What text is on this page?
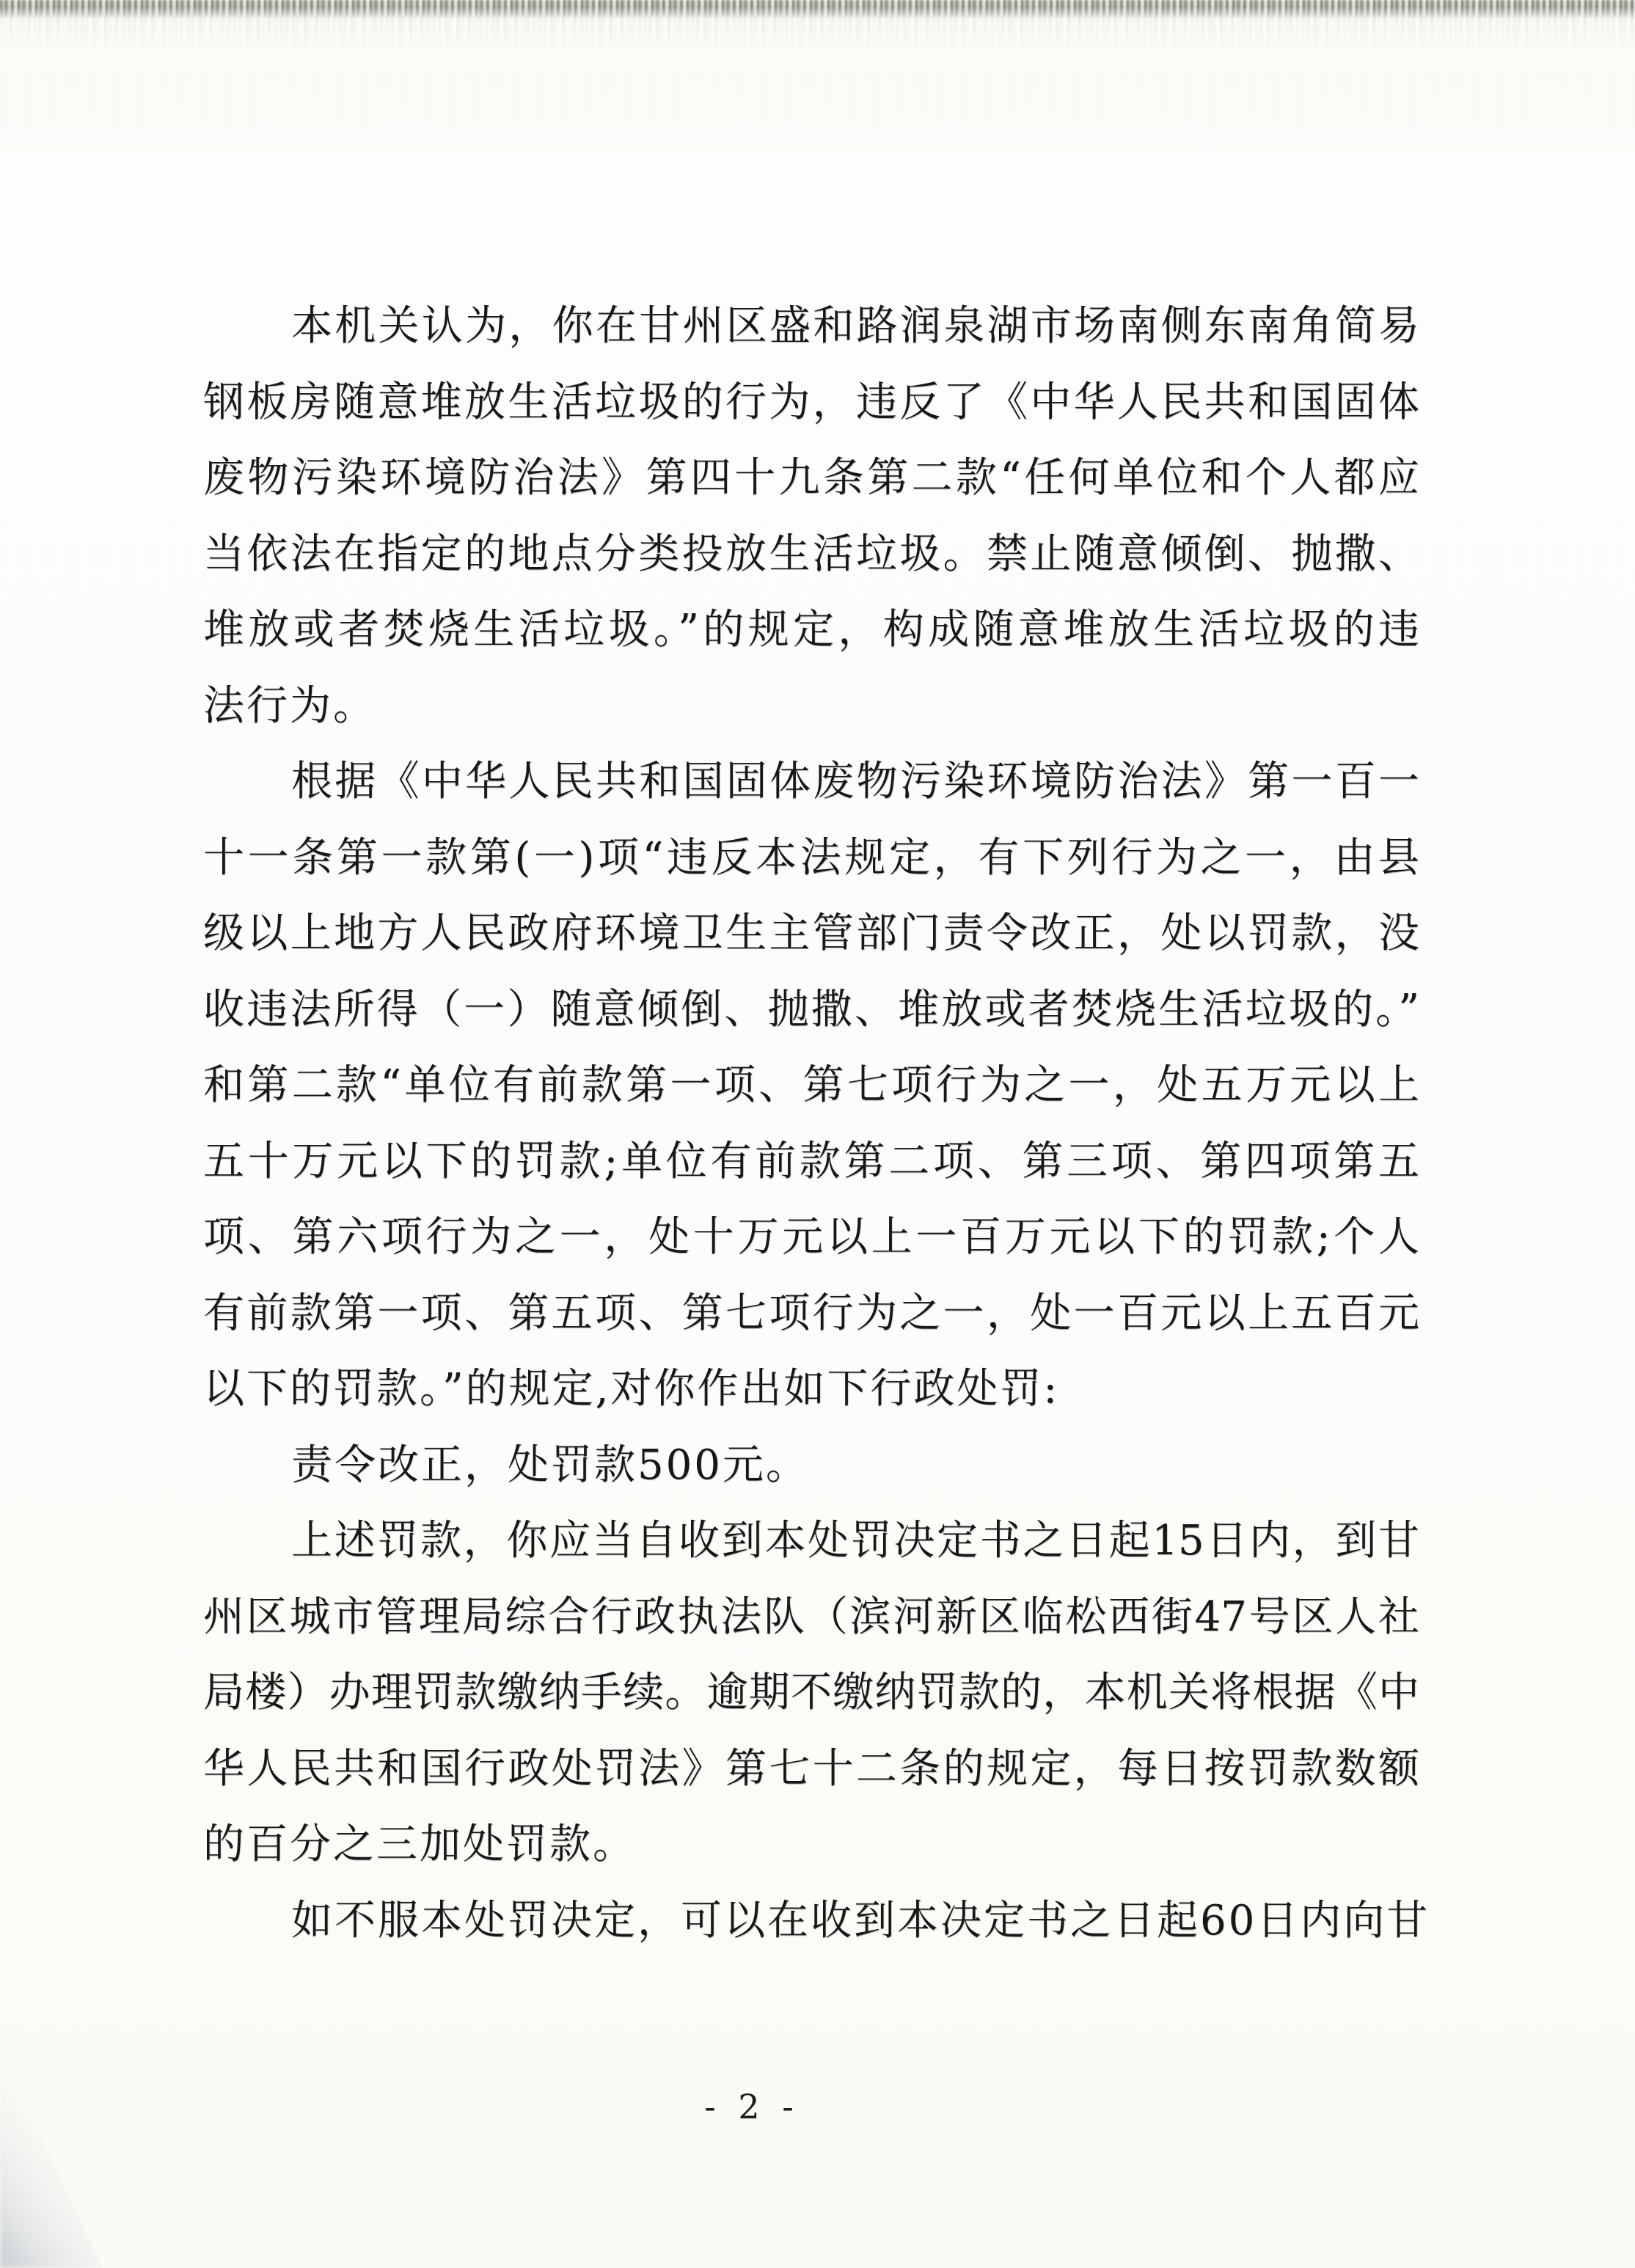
本机关认为，你在甘州区盛和路润泉湖市场南侧东南角简易
钢板房随意堆放生活垃圾的行为，违反了《中华人民共和国固体
废物污染环境防治法》第四十九条第二款“任何单位和个人都应
当依法在指定的地点分类投放生活垃圾。禁止随意倾倒、抛撒、
堆放或者焚烧生活垃圾。”的规定，构成随意堆放生活垃圾的违
法行为。
根据《中华人民共和国固体废物污染环境防治法》第一百一
十一条第一款第(一)项“违反本法规定，有下列行为之一，由县
级以上地方人民政府环境卫生主管部门责令改正，处以罚款，没
收违法所得（一）随意倾倒、抛撒、堆放或者焚烧生活垃圾的。”
和第二款“单位有前款第一项、第七项行为之一，处五万元以上
五十万元以下的罚款;单位有前款第二项、第三项、第四项第五
项、第六项行为之一，处十万元以上一百万元以下的罚款;个人
有前款第一项、第五项、第七项行为之一，处一百元以上五百元
以下的罚款。”的规定,对你作出如下行政处罚:
责令改正，处罚款500元。
上述罚款，你应当自收到本处罚决定书之日起15日内，到甘
州区城市管理局综合行政执法队（滨河新区临松西街47号区人社
局楼）办理罚款缴纳手续。逾期不缴纳罚款的，本机关将根据《中
华人民共和国行政处罚法》第七十二条的规定，每日按罚款数额
的百分之三加处罚款。
如不服本处罚决定，可以在收到本决定书之日起60日内向甘
- 2 -
